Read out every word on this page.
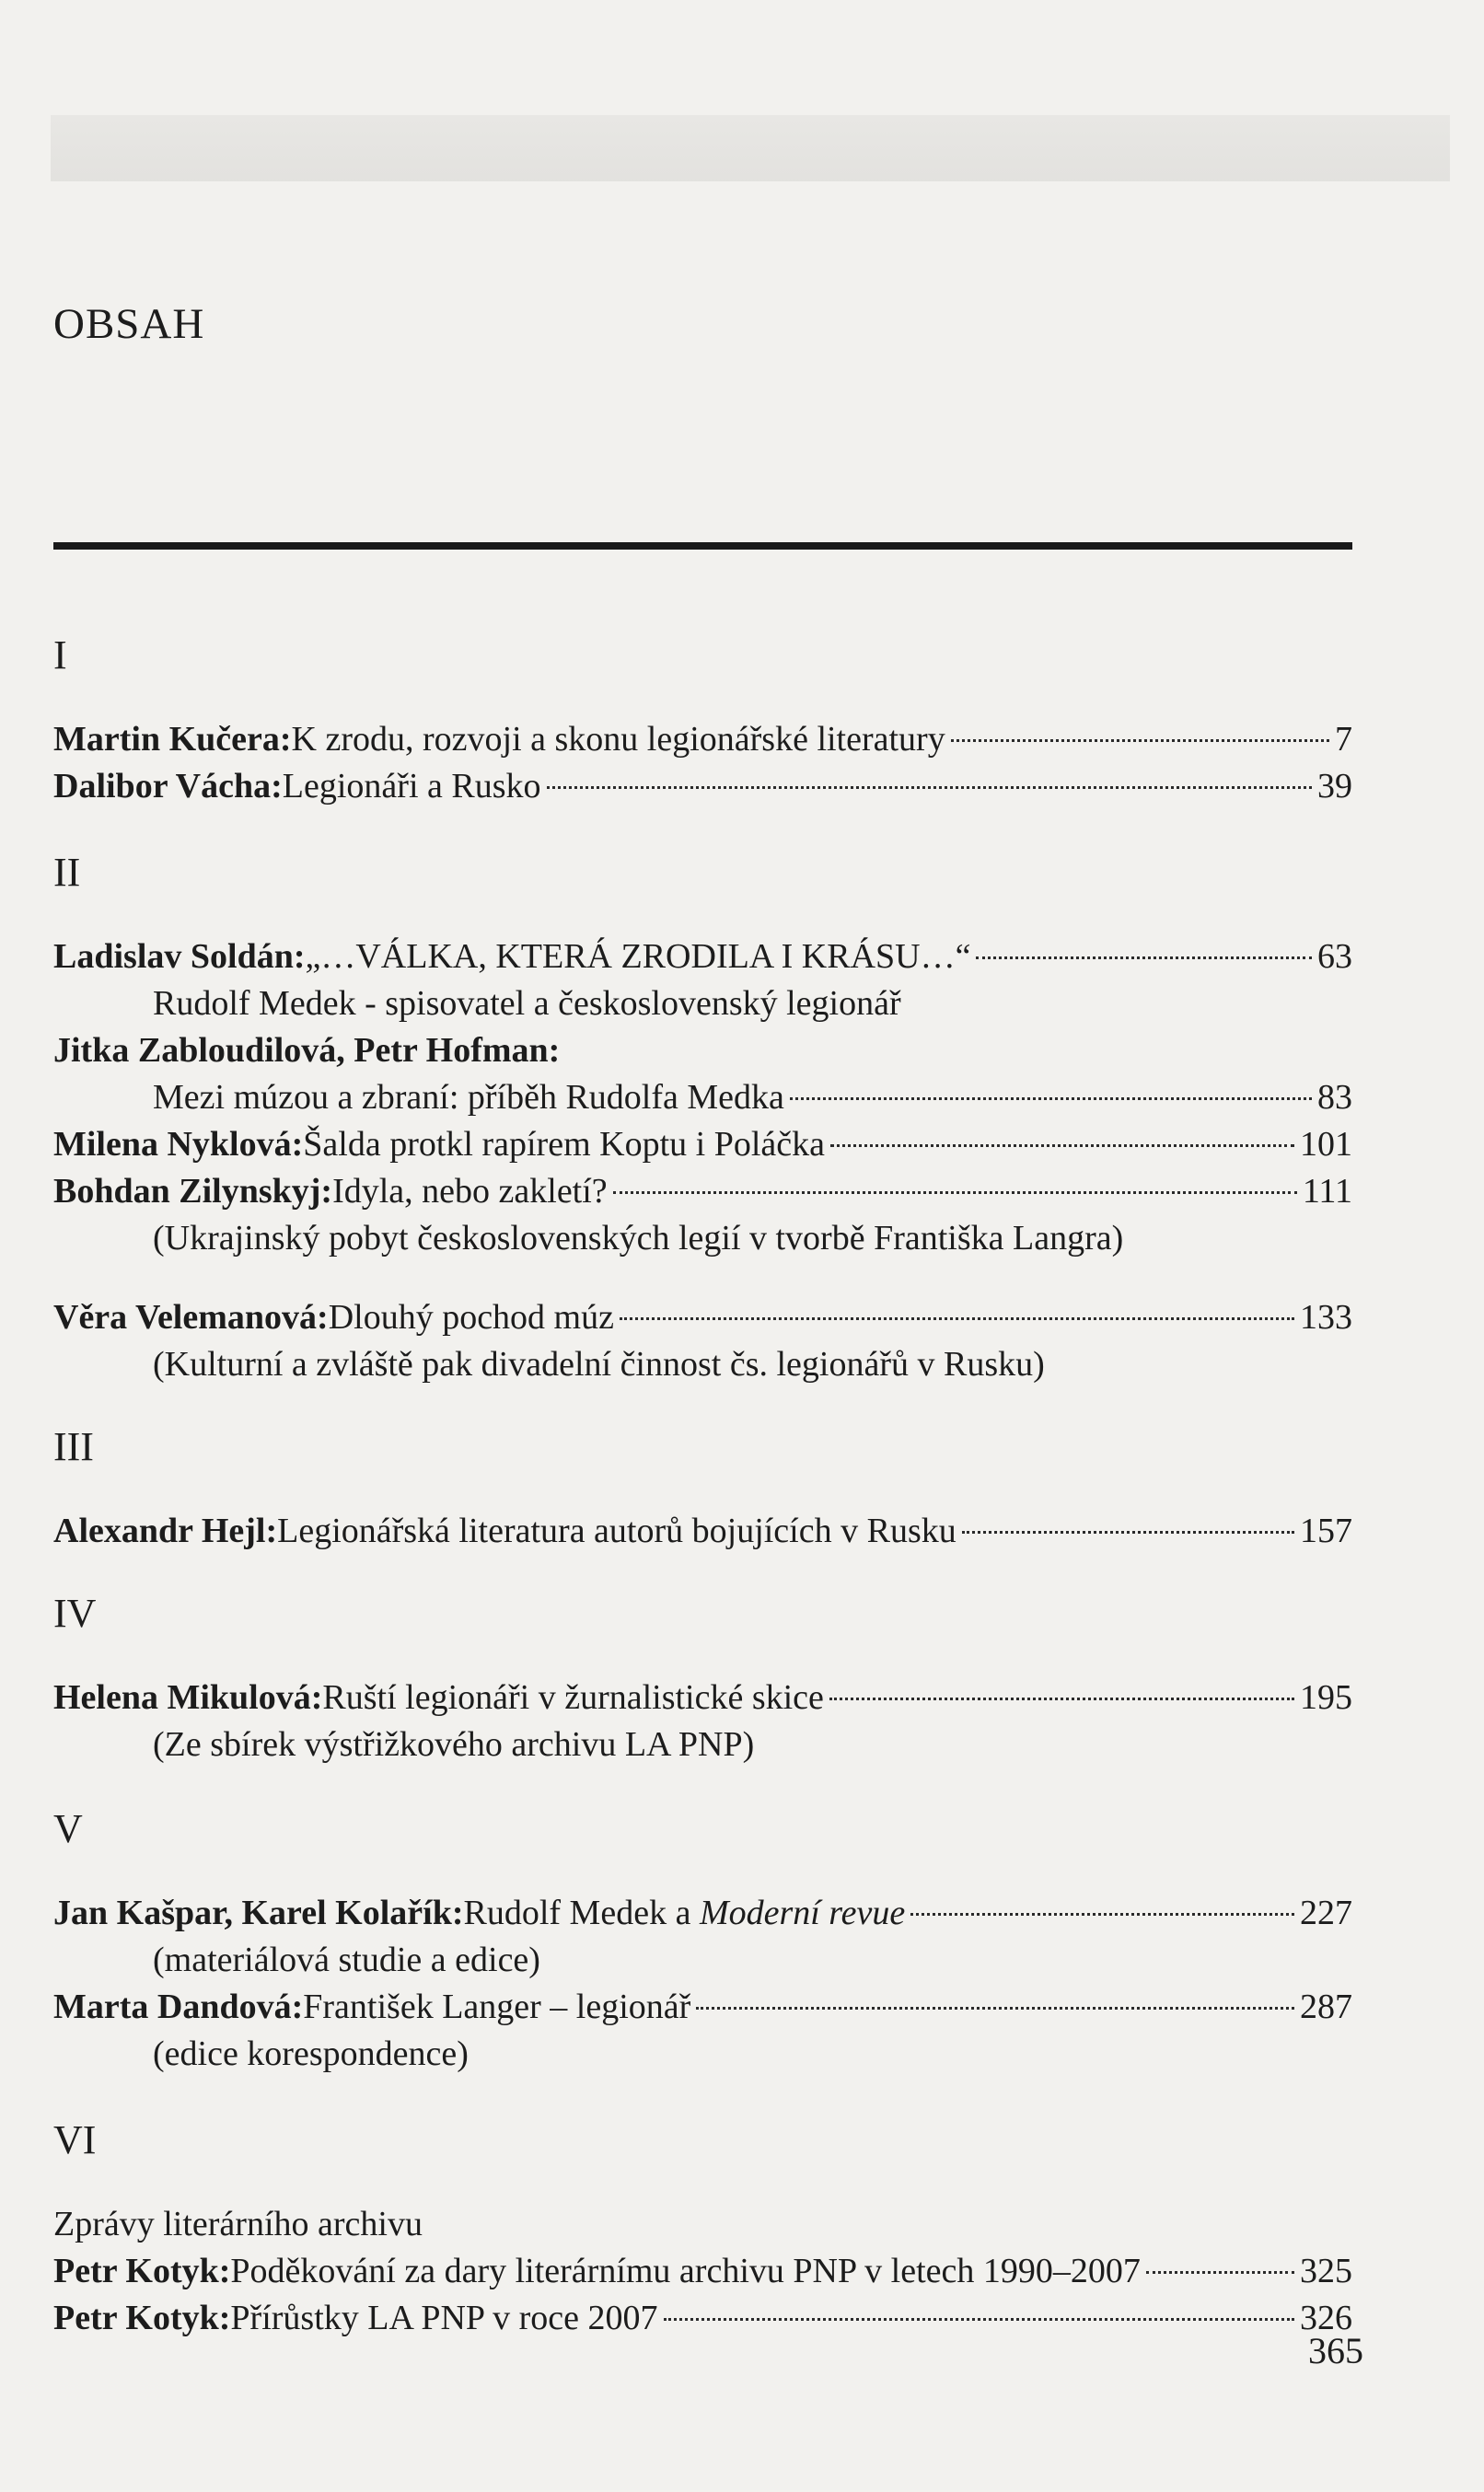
OBSAH
I
Martin Kučera: K zrodu, rozvoji a skonu legionářské literatury	7
Dalibor Vácha: Legionáři a Rusko	39
II
Ladislav Soldán: „…VÁLKA, KTERÁ ZRODILA I KRÁSU…“	63
Rudolf Medek - spisovatel a československý legionář
Jitka Zabloudilová, Petr Hofman:
Mezi múzou a zbraní: příběh Rudolfa Medka	83
Milena Nyklová: Šalda protkl rapírem Koptu i Poláčka	101
Bohdan Zilynskyj: Idyla, nebo zakletí?	111
(Ukrajinský pobyt československých legií v tvorbě Františka Langra)
Věra Velemanová: Dlouhý pochod múz	133
(Kulturní a zvláště pak divadelní činnost čs. legionářů v Rusku)
III
Alexandr Hejl: Legionářská literatura autorů bojujících v Rusku	157
IV
Helena Mikulová: Ruští legionáři v žurnalistické skice	195
(Ze sbírek výstřižkového archivu LA PNP)
V
Jan Kašpar, Karel Kolařík: Rudolf Medek a Moderní revue	227
(materiálová studie a edice)
Marta Dandová: František Langer – legionář	287
(edice korespondence)
VI
Zprávy literárního archivu
Petr Kotyk: Poděkování za dary literárnímu archivu PNP v letech 1990–2007	325
Petr Kotyk: Přírůstky LA PNP v roce 2007	326
365
